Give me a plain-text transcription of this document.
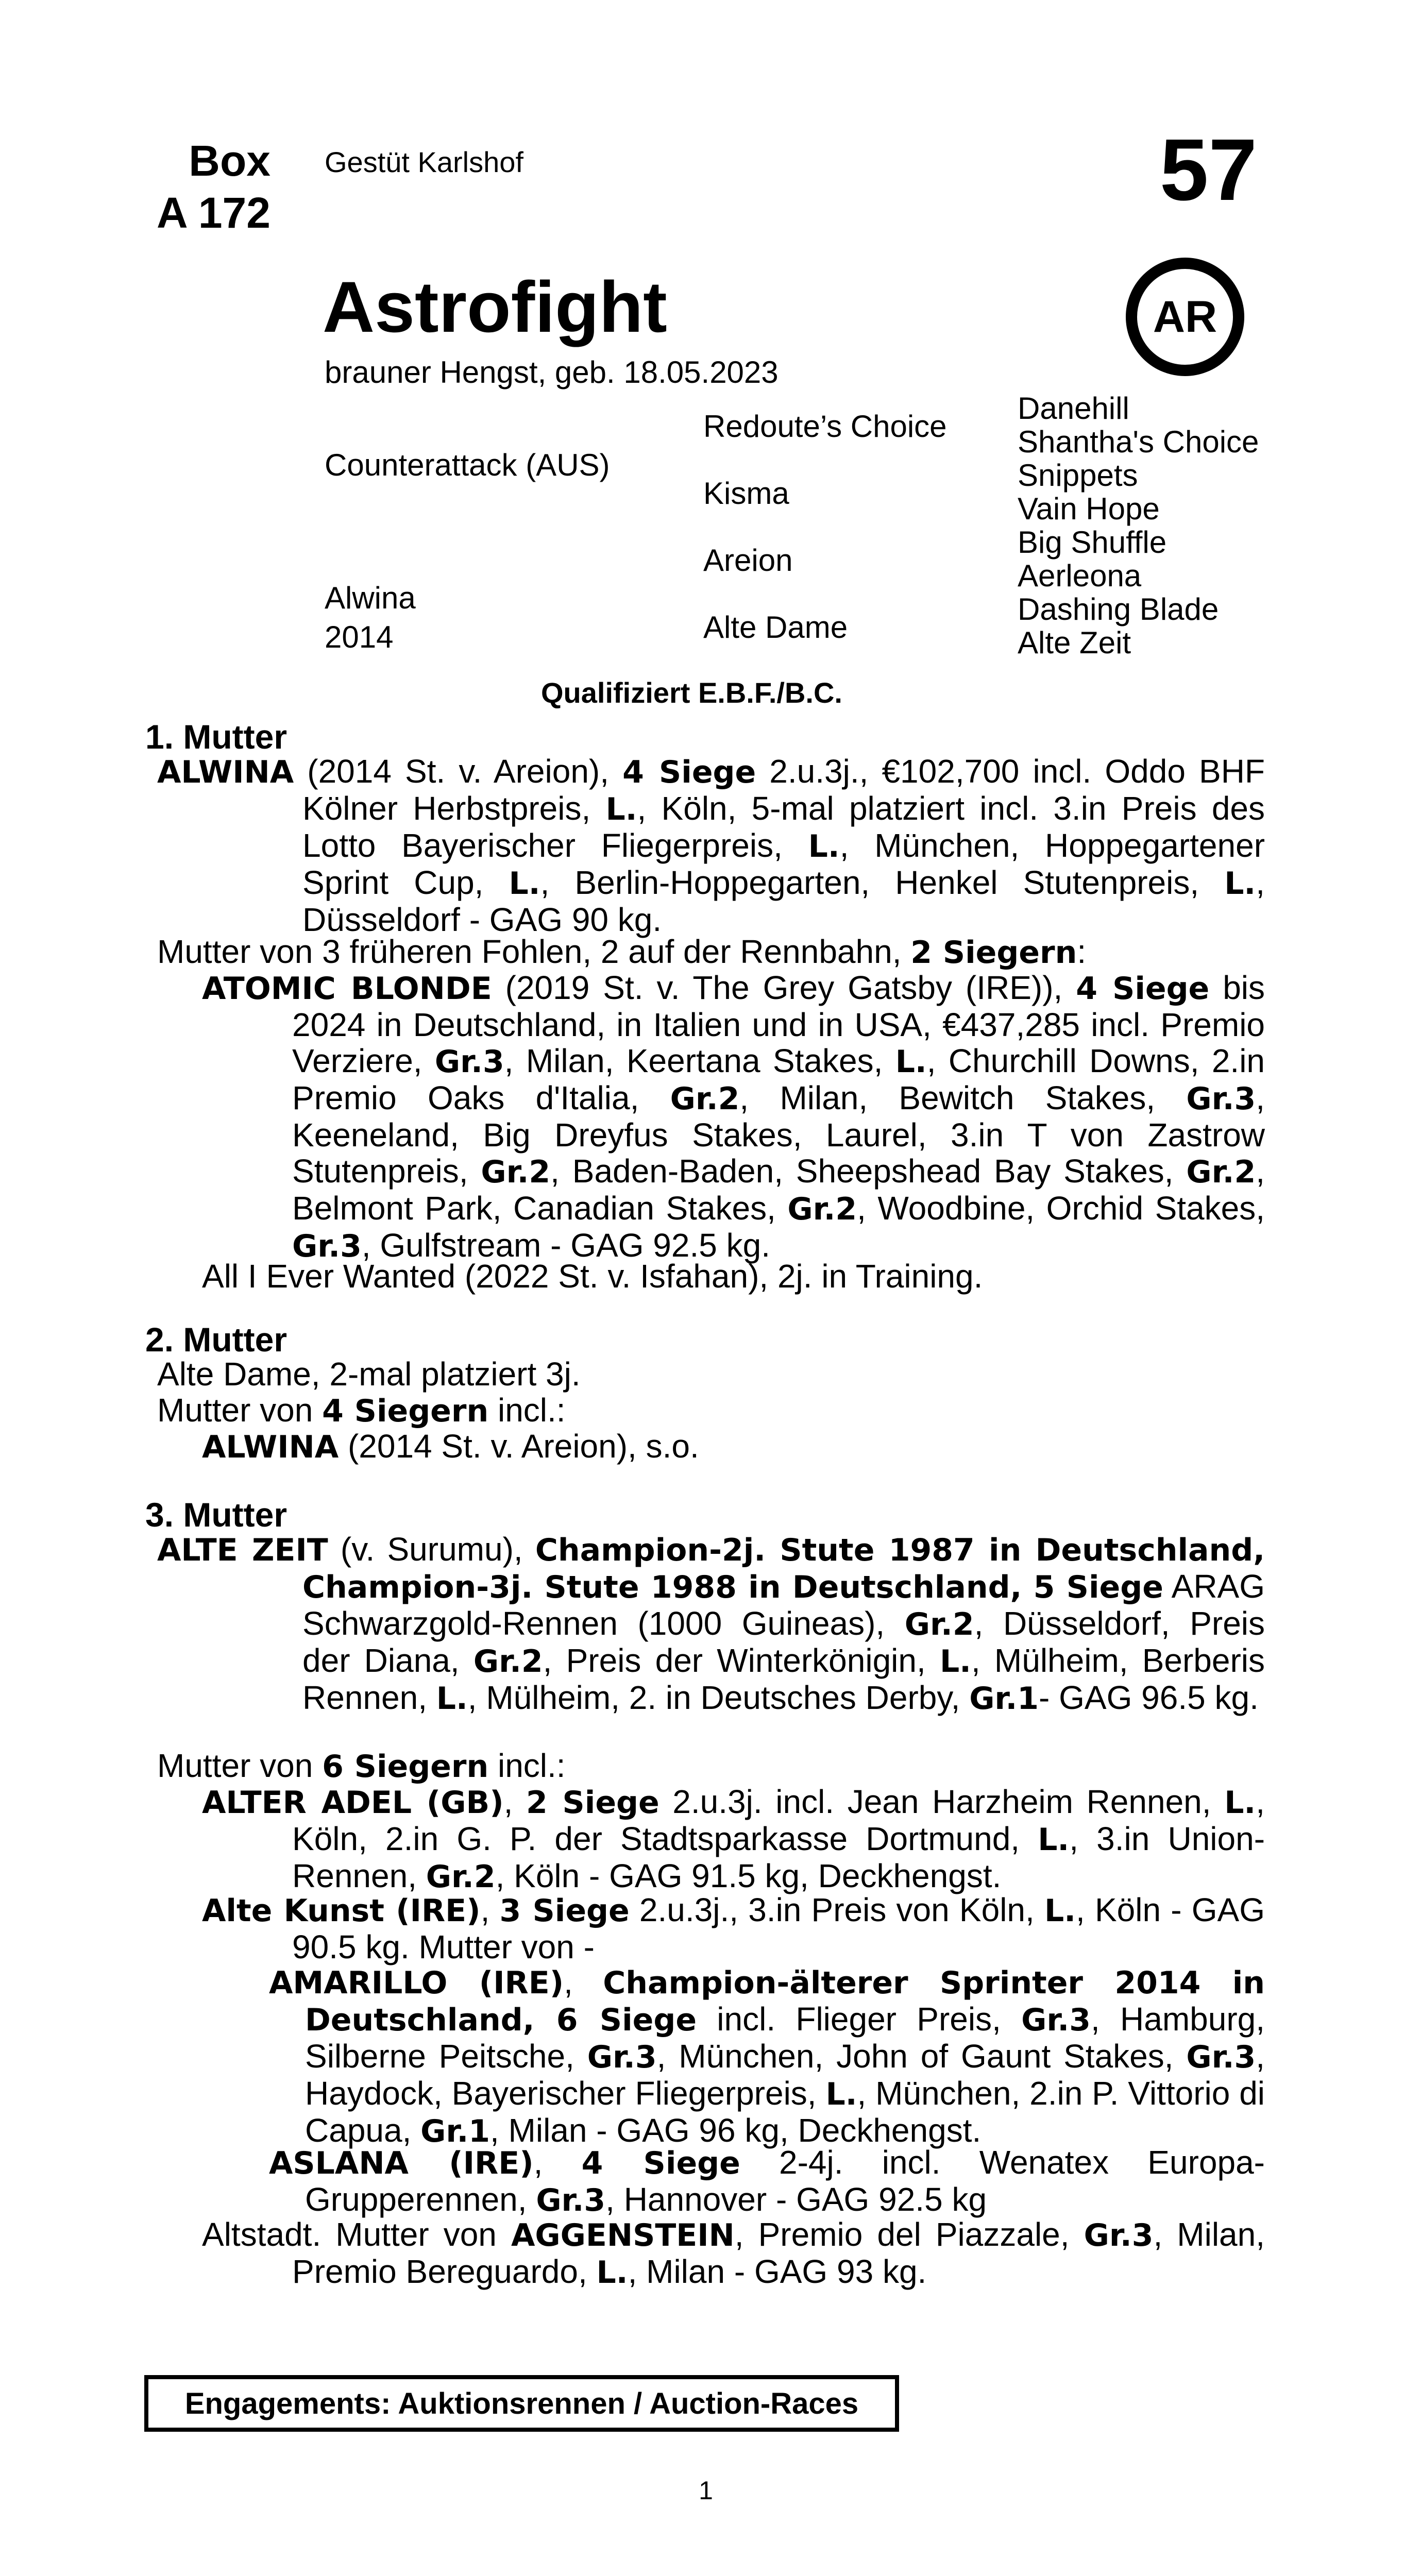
Box
A 172
Gestüt Karlshof	57
AR
Astrofight
brauner Hengst, geb. 18.05.2023
Counterattack (AUS)
Alwina
2014
Redoute’s Choice
Kisma
Areion
Alte Dame
Danehill
Shantha's Choice
Snippets
Vain Hope
Big Shuffle
Aerleona
Dashing Blade
Alte Zeit
Qualifiziert E.B.F./B.C.
1. Mutter
ALWINA (2014 St. v. Areion), 4 Siege 2.u.3j., €102,700 incl. Oddo BHF Kölner Herbstpreis, L., Köln, 5-mal platziert incl. 3.in Preis des Lotto Bayerischer Fliegerpreis, L., München, Hoppegartener Sprint Cup, L., Berlin-Hoppegarten, Henkel Stutenpreis, L., Düsseldorf - GAG 90 kg.
Mutter von 3 früheren Fohlen, 2 auf der Rennbahn, 2 Siegern:
ATOMIC BLONDE (2019 St. v. The Grey Gatsby (IRE)), 4 Siege bis 2024 in Deutschland, in Italien und in USA, €437,285 incl. Premio Verziere, Gr.3, Milan, Keertana Stakes, L., Churchill Downs, 2.in Premio Oaks d'Italia, Gr.2, Milan, Bewitch Stakes, Gr.3, Keeneland, Big Dreyfus Stakes, Laurel, 3.in T von Zastrow Stutenpreis, Gr.2, Baden-Baden, Sheepshead Bay Stakes, Gr.2, Belmont Park, Canadian Stakes, Gr.2, Woodbine, Orchid Stakes, Gr.3, Gulfstream - GAG 92.5 kg.
All I Ever Wanted (2022 St. v. Isfahan), 2j. in Training.
2. Mutter
Alte Dame, 2-mal platziert 3j.
Mutter von 4 Siegern incl.:
ALWINA (2014 St. v. Areion), s.o.
3. Mutter
ALTE ZEIT (v. Surumu), Champion-2j. Stute 1987 in Deutschland, Champion-3j. Stute 1988 in Deutschland, 5 Siege ARAG Schwarzgold-Rennen (1000 Guineas), Gr.2, Düsseldorf, Preis der Diana, Gr.2, Preis der Winterkönigin, L., Mülheim, Berberis Rennen, L., Mülheim, 2. in Deutsches Derby, Gr.1- GAG 96.5 kg.
Mutter von 6 Siegern incl.:
ALTER ADEL (GB), 2 Siege 2.u.3j. incl. Jean Harzheim Rennen, L., Köln, 2.in G. P. der Stadtsparkasse Dortmund, L., 3.in Union-Rennen, Gr.2, Köln - GAG 91.5 kg, Deckhengst.
Alte Kunst (IRE), 3 Siege 2.u.3j., 3.in Preis von Köln, L., Köln - GAG 90.5 kg. Mutter von -
AMARILLO (IRE), Champion-älterer Sprinter 2014 in Deutschland, 6 Siege incl. Flieger Preis, Gr.3, Hamburg, Silberne Peitsche, Gr.3, München, John of Gaunt Stakes, Gr.3, Haydock, Bayerischer Fliegerpreis, L., München, 2.in P. Vittorio di Capua, Gr.1, Milan - GAG 96 kg, Deckhengst.
ASLANA (IRE), 4 Siege 2-4j. incl. Wenatex Europa-Grupperennen, Gr.3, Hannover - GAG 92.5 kg
Altstadt. Mutter von AGGENSTEIN, Premio del Piazzale, Gr.3, Milan, Premio Bereguardo, L., Milan - GAG 93 kg.
Engagements: Auktionsrennen / Auction-Races
1
